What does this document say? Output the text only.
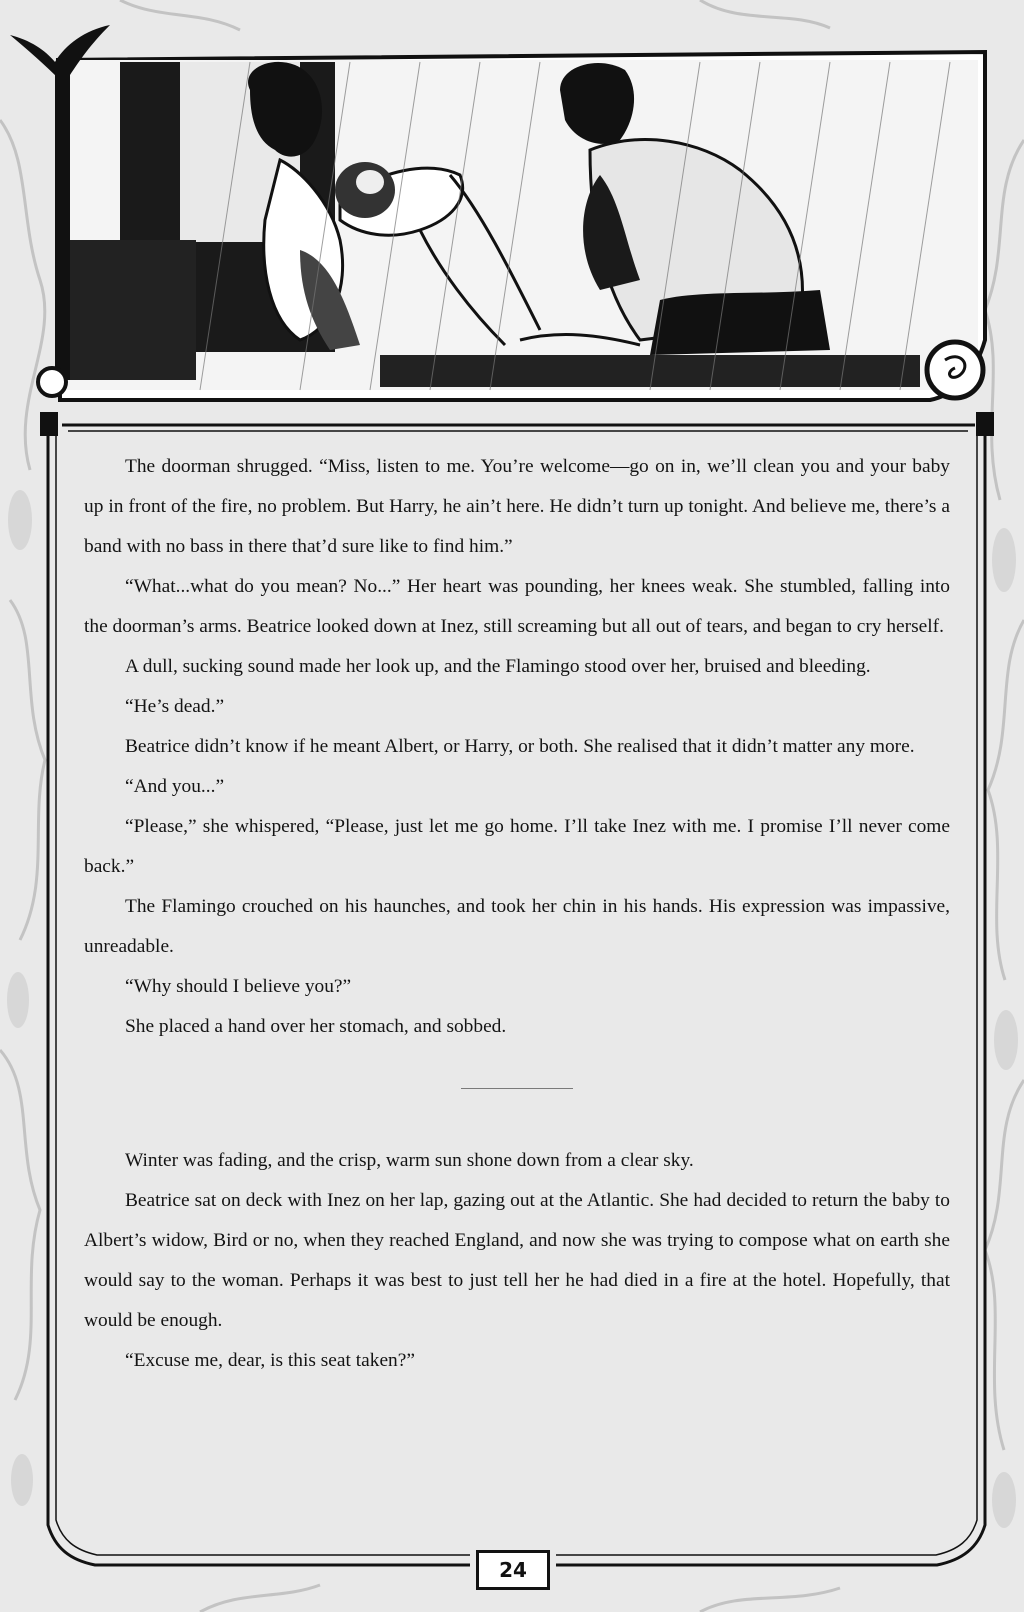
The doorman shrugged. “Miss, listen to me. You’re welcome—go on in, we’ll clean you and your baby up in front of the fire, no problem. But Harry, he ain’t here. He didn’t turn up tonight. And believe me, there’s a band with no bass in there that’d sure like to find him.”

“What...what do you mean? No...” Her heart was pounding, her knees weak. She stumbled, falling into the doorman’s arms. Beatrice looked down at Inez, still screaming but all out of tears, and began to cry herself.

A dull, sucking sound made her look up, and the Flamingo stood over her, bruised and bleeding.

“He’s dead.”

Beatrice didn’t know if he meant Albert, or Harry, or both. She realised that it didn’t matter any more.

“And you...”

“Please,” she whispered, “Please, just let me go home. I’ll take Inez with me. I promise I’ll never come back.”

The Flamingo crouched on his haunches, and took her chin in his hands. His expression was impassive, unreadable.

“Why should I believe you?”

She placed a hand over her stomach, and sobbed.

Winter was fading, and the crisp, warm sun shone down from a clear sky.

Beatrice sat on deck with Inez on her lap, gazing out at the Atlantic. She had decided to return the baby to Albert’s widow, Bird or no, when they reached England, and now she was trying to compose what on earth she would say to the woman. Perhaps it was best to just tell her he had died in a fire at the hotel. Hopefully, that would be enough.

“Excuse me, dear, is this seat taken?”

24
